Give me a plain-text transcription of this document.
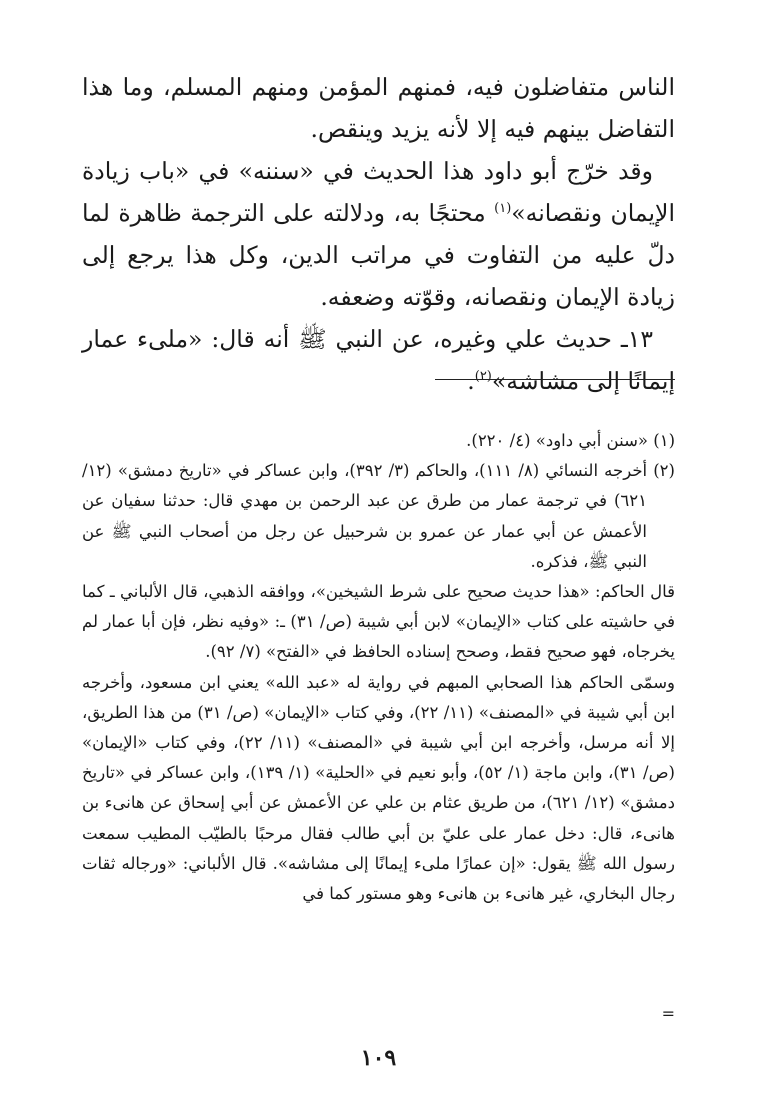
الناس متفاضلون فيه، فمنهم المؤمن ومنهم المسلم، وما هذا التفاضل بينهم فيه إلا لأنه يزيد وينقص.

وقد خرّج أبو داود هذا الحديث في «سننه» في «باب زيادة الإيمان ونقصانه»$^{(١)}$ محتجًا به، ودلالته على الترجمة ظاهرة لما دلّ عليه من التفاوت في مراتب الدين، وكل هذا يرجع إلى زيادة الإيمان ونقصانه، وقوّته وضعفه.

١٣ـ حديث علي وغيره، عن النبي ﷺ أنه قال: «ملىء عمار إيمانًا إلى مشاشه»$^{(٢)}$.

(١) «سنن أبي داود» (٤/ ٢٢٠).

(٢) أخرجه النسائي (٨/ ١١١)، والحاكم (٣/ ٣٩٢)، وابن عساكر في «تاريخ دمشق» (١٢/ ٦٢١) في ترجمة عمار من طرق عن عبد الرحمن بن مهدي قال: حدثنا سفيان عن الأعمش عن أبي عمار عن عمرو بن شرحبيل عن رجل من أصحاب النبي ﷺ عن النبي ﷺ، فذكره.

قال الحاكم: «هذا حديث صحيح على شرط الشيخين»، ووافقه الذهبي، قال الألباني ـ كما في حاشيته على كتاب «الإيمان» لابن أبي شيبة (ص/ ٣١) ـ: «وفيه نظر، فإن أبا عمار لم يخرجاه، فهو صحيح فقط، وصحح إسناده الحافظ في «الفتح» (٧/ ٩٢).

وسمّى الحاكم هذا الصحابي المبهم في رواية له «عبد الله» يعني ابن مسعود، وأخرجه ابن أبي شيبة في «المصنف» (١١/ ٢٢)، وفي كتاب «الإيمان» (ص/ ٣١) من هذا الطريق، إلا أنه مرسل، وأخرجه ابن أبي شيبة في «المصنف» (١١/ ٢٢)، وفي كتاب «الإيمان» (ص/ ٣١)، وابن ماجة (١/ ٥٢)، وأبو نعيم في «الحلية» (١/ ١٣٩)، وابن عساكر في «تاريخ دمشق» (١٢/ ٦٢١)، من طريق عثام بن علي عن الأعمش عن أبي إسحاق عن هانىء بن هانىء، قال: دخل عمار على عليّ بن أبي طالب فقال مرحبًا بالطيّب المطيب سمعت رسول الله ﷺ يقول: «إن عمارًا ملىء إيمانًا إلى مشاشه». قال الألباني: «ورجاله ثقات رجال البخاري، غير هانىء بن هانىء وهو مستور كما في

=
١٠٩
